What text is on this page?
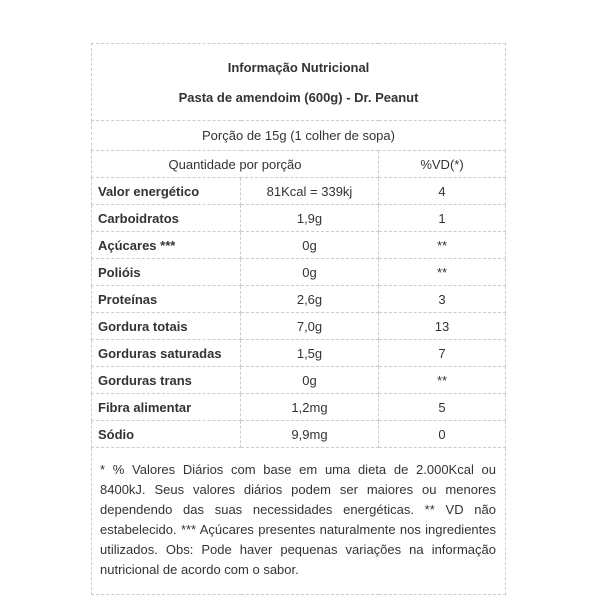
Informação Nutricional
Pasta de amendoim (600g) - Dr. Peanut		

Porção de 15g (1 colher de sopa)		
Quantidade por porção		%VD(*)
Valor energético	81Kcal = 339kj	4
Carboidratos	1,9g	1
Açúcares ***	0g	**
Polióis	0g	**
Proteínas	2,6g	3
Gordura totais	7,0g	13
Gorduras saturadas	1,5g	7
Gorduras trans	0g	**
Fibra alimentar	1,2mg	5
Sódio	9,9mg	0

* % Valores Diários com base em uma dieta de 2.000Kcal ou 8400kJ. Seus valores diários podem ser maiores ou menores dependendo das suas necessidades energéticas. ** VD não estabelecido. *** Açúcares presentes naturalmente nos ingredientes utilizados. Obs: Pode haver pequenas variações na informação nutricional de acordo com o sabor.		
